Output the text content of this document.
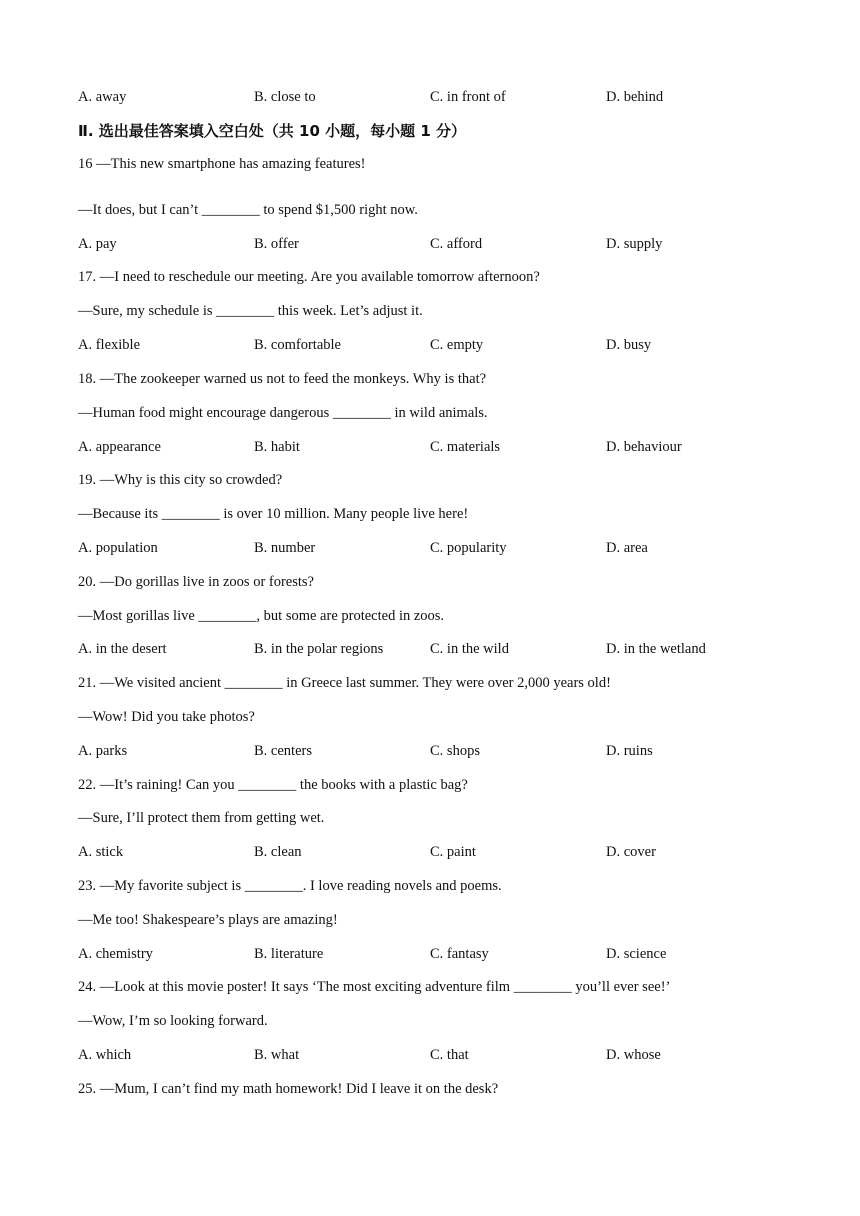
A. away	B. close to	C. in front of	D. behind
Ⅱ. 选出最佳答案填入空白处（共 10 小题，每小题 1 分）
16 —This new smartphone has amazing features!
—It does, but I can’t ________ to spend $1,500 right now.
A. pay	B. offer	C. afford	D. supply
17. —I need to reschedule our meeting. Are you available tomorrow afternoon?
—Sure, my schedule is ________ this week. Let’s adjust it.
A. flexible	B. comfortable	C. empty	D. busy
18. —The zookeeper warned us not to feed the monkeys. Why is that?
—Human food might encourage dangerous ________ in wild animals.
A. appearance	B. habit	C. materials	D. behaviour
19. —Why is this city so crowded?
—Because its ________ is over 10 million. Many people live here!
A. population	B. number	C. popularity	D. area
20. —Do gorillas live in zoos or forests?
—Most gorillas live ________, but some are protected in zoos.
A. in the desert	B. in the polar regions	C. in the wild	D. in the wetland
21. —We visited ancient ________ in Greece last summer. They were over 2,000 years old!
—Wow! Did you take photos?
A. parks	B. centers	C. shops	D. ruins
22. —It’s raining! Can you ________ the books with a plastic bag?
—Sure, I’ll protect them from getting wet.
A. stick	B. clean	C. paint	D. cover
23. —My favorite subject is ________. I love reading novels and poems.
—Me too! Shakespeare’s plays are amazing!
A. chemistry	B. literature	C. fantasy	D. science
24. —Look at this movie poster! It says ‘The most exciting adventure film ________ you’ll ever see!’
—Wow, I’m so looking forward.
A. which	B. what	C. that	D. whose
25. —Mum, I can’t find my math homework! Did I leave it on the desk?
